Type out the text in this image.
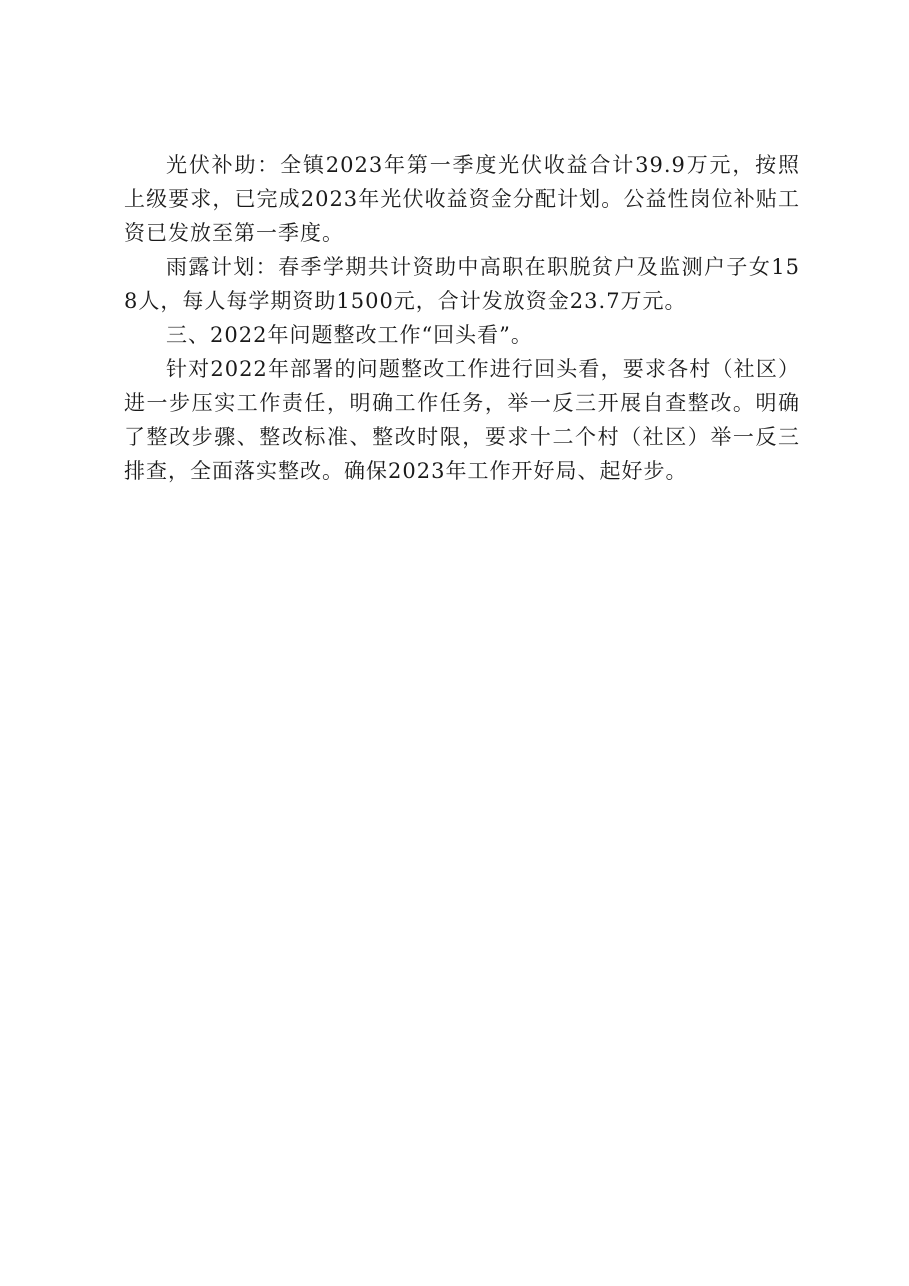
光伏补助：全镇2023年第一季度光伏收益合计39.9万元，按照上级要求，已完成2023年光伏收益资金分配计划。公益性岗位补贴工资已发放至第一季度。

雨露计划：春季学期共计资助中高职在职脱贫户及监测户子女158人，每人每学期资助1500元，合计发放资金23.7万元。

三、2022年问题整改工作“回头看”。

针对2022年部署的问题整改工作进行回头看，要求各村（社区）进一步压实工作责任，明确工作任务，举一反三开展自查整改。明确了整改步骤、整改标准、整改时限，要求十二个村（社区）举一反三排查，全面落实整改。确保2023年工作开好局、起好步。
